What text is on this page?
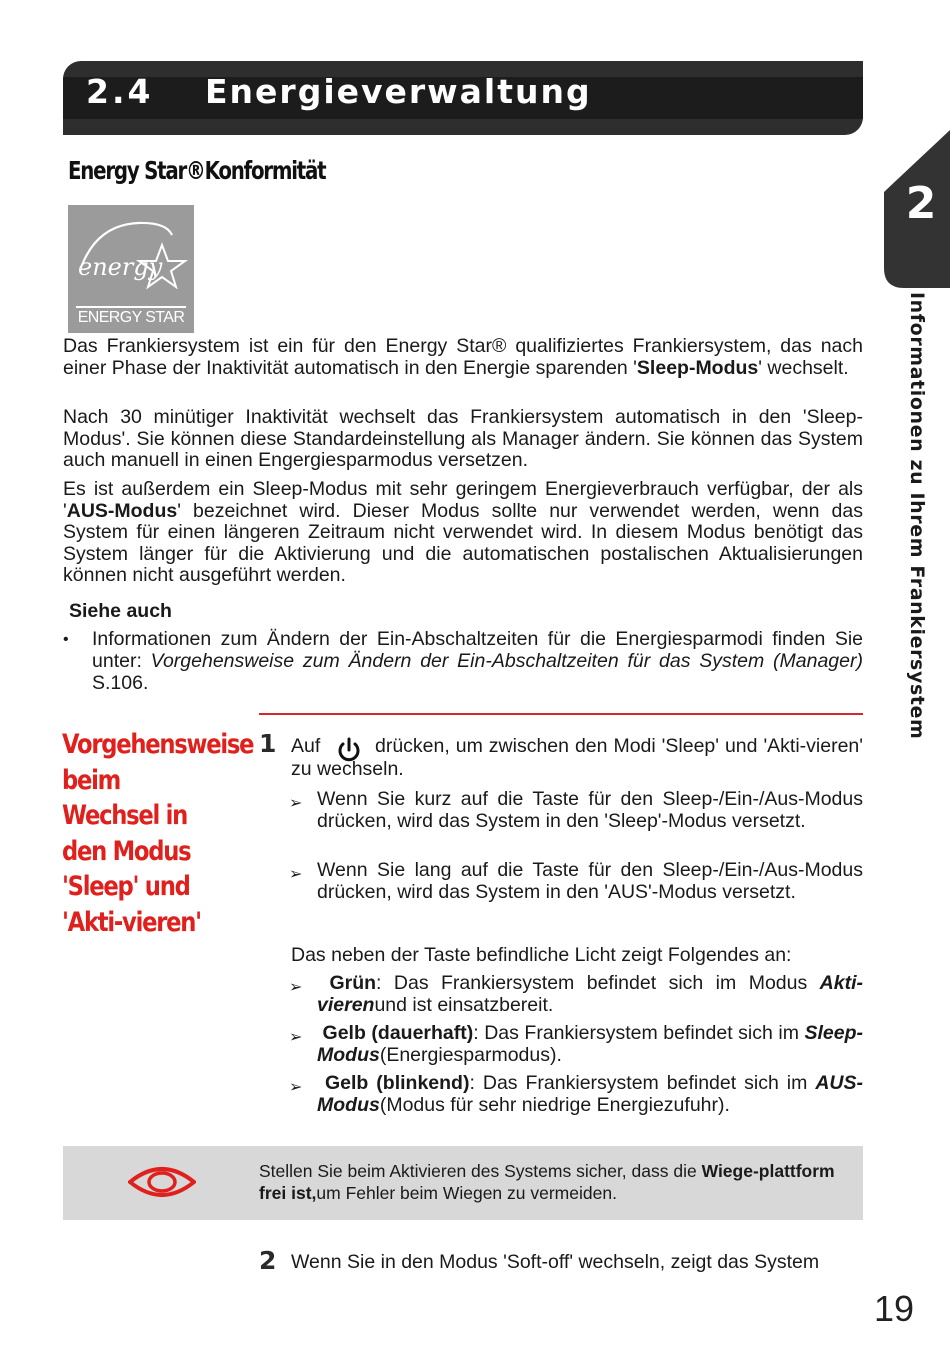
2.4 Energieverwaltung
2
Informationen zu Ihrem Frankiersystem
Energy Star®Konformität
energy
ENERGY STAR
Das Frankiersystem ist ein für den Energy Star® qualifiziertes Frankiersystem, das nach einer Phase der Inaktivität automatisch in den Energie sparenden 'Sleep-Modus' wechselt.
Nach 30 minütiger Inaktivität wechselt das Frankiersystem automatisch in den 'Sleep-Modus'. Sie können diese Standardeinstellung als Manager ändern. Sie können das System auch manuell in einen Engergiesparmodus versetzen.
Es ist außerdem ein Sleep-Modus mit sehr geringem Energieverbrauch verfügbar, der als 'AUS-Modus' bezeichnet wird. Dieser Modus sollte nur verwendet werden, wenn das System für einen längeren Zeitraum nicht verwendet wird. In diesem Modus benötigt das System länger für die Aktivierung und die automatischen postalischen Aktualisierungen können nicht ausgeführt werden.
Siehe auch
• Informationen zum Ändern der Ein-Abschaltzeiten für die Energiesparmodi finden Sie unter: Vorgehensweise zum Ändern der Ein-Abschaltzeiten für das System (Manager) S.106.
Vorgehensweise beim Wechsel in den Modus 'Sleep' und 'Akti-vieren'
1 Auf	drücken, um zwischen den Modi 'Sleep' und 'Akti-vieren' zu wechseln.
➢ Wenn Sie kurz auf die Taste für den Sleep-/Ein-/Aus-Modus drücken, wird das System in den 'Sleep'-Modus versetzt.
➢ Wenn Sie lang auf die Taste für den Sleep-/Ein-/Aus-Modus drücken, wird das System in den 'AUS'-Modus versetzt.
Das neben der Taste befindliche Licht zeigt Folgendes an:
➢	Grün: Das Frankiersystem befindet sich im Modus Akti-vierenund ist einsatzbereit.
➢ Gelb (dauerhaft): Das Frankiersystem befindet sich im Sleep-Modus(Energiesparmodus).
➢	Gelb (blinkend): Das Frankiersystem befindet sich im AUS-Modus(Modus für sehr niedrige Energiezufuhr).
Stellen Sie beim Aktivieren des Systems sicher, dass die Wiege-plattform frei ist,um Fehler beim Wiegen zu vermeiden.
2 Wenn Sie in den Modus 'Soft-off' wechseln, zeigt das System
19
